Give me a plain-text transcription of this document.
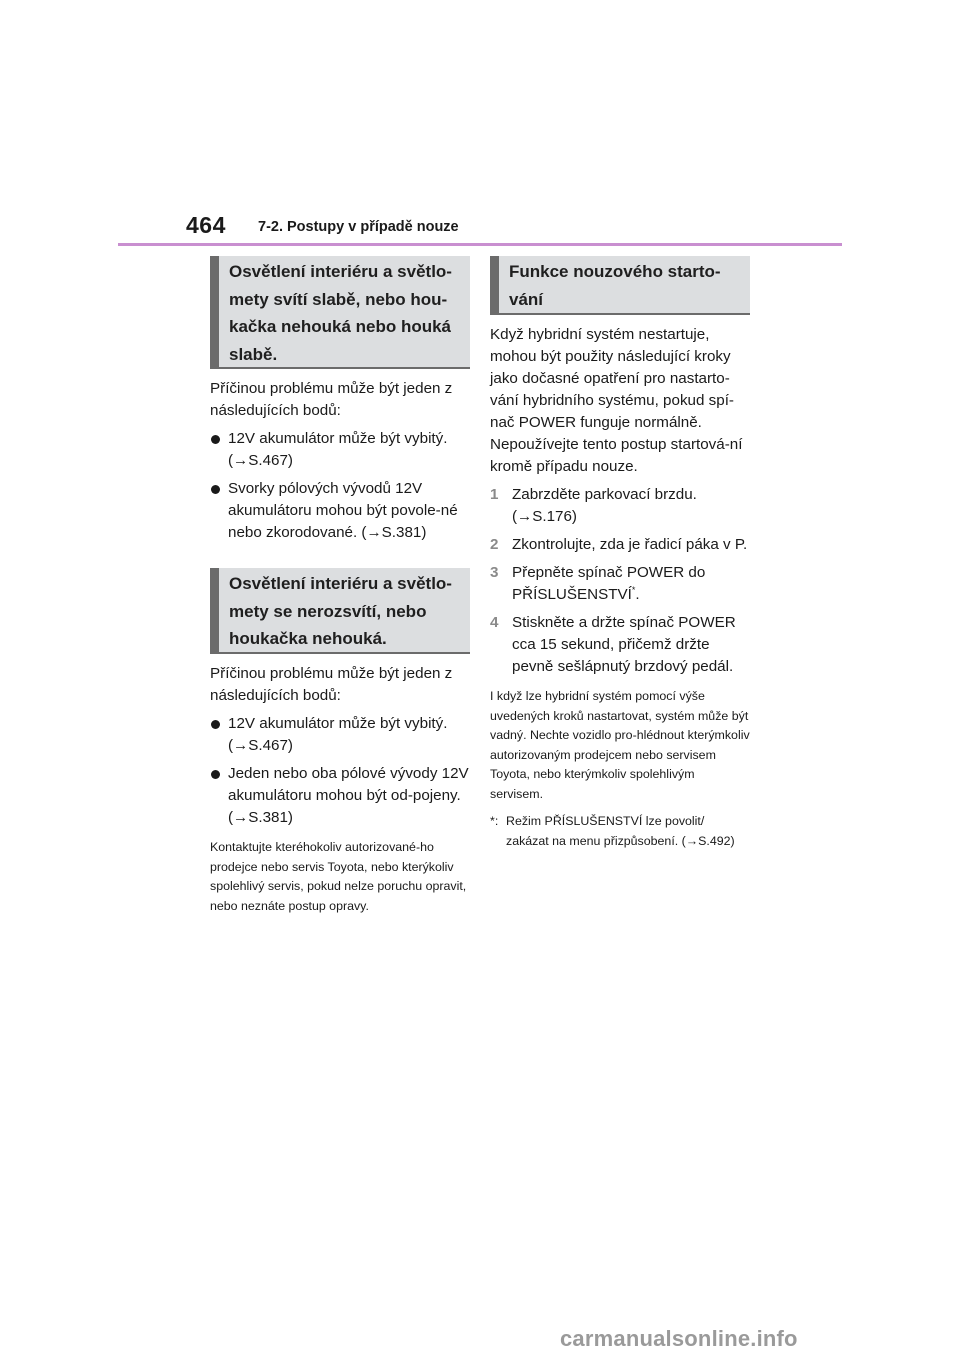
464 7-2. Postupy v případě nouze
Osvětlení interiéru a světlo-mety svítí slabě, nebo hou-kačka nehouká nebo houká slabě.

Příčinou problému může být jeden z následujících bodů:

12V akumulátor může být vybitý. (→S.467)
Svorky pólových vývodů 12V akumulátoru mohou být povole-né nebo zkorodované. (→S.381)
Osvětlení interiéru a světlo-mety se nerozsvítí, nebo houkačka nehouká.

Příčinou problému může být jeden z následujících bodů:

12V akumulátor může být vybitý. (→S.467)
Jeden nebo oba pólové vývody 12V akumulátoru mohou být od-pojeny. (→S.381)

Kontaktujte kteréhokoliv autorizované-ho prodejce nebo servis Toyota, nebo kterýkoliv spolehlivý servis, pokud nelze poruchu opravit, nebo neznáte postup opravy.

Funkce nouzového starto-vání

Když hybridní systém nestartuje, mohou být použity následující kroky jako dočasné opatření pro nastarto-vání hybridního systému, pokud spí-nač POWER funguje normálně. Nepoužívejte tento postup startová-ní kromě případu nouze.

1 Zabrzděte parkovací brzdu. (→S.176)
2 Zkontrolujte, zda je řadicí páka v P.
3 Přepněte spínač POWER do PŘÍSLUŠENSTVÍ*.
4 Stiskněte a držte spínač POWER cca 15 sekund, přičemž držte pevně sešlápnutý brzdový pedál.

I když lze hybridní systém pomocí výše uvedených kroků nastartovat, systém může být vadný. Nechte vozidlo pro-hlédnout kterýmkoliv autorizovaným prodejcem nebo servisem Toyota, nebo kterýmkoliv spolehlivým servisem.

*: Režim PŘÍSLUŠENSTVÍ lze povolit/ zakázat na menu přizpůsobení. (→S.492)
carmanualsonline.info
